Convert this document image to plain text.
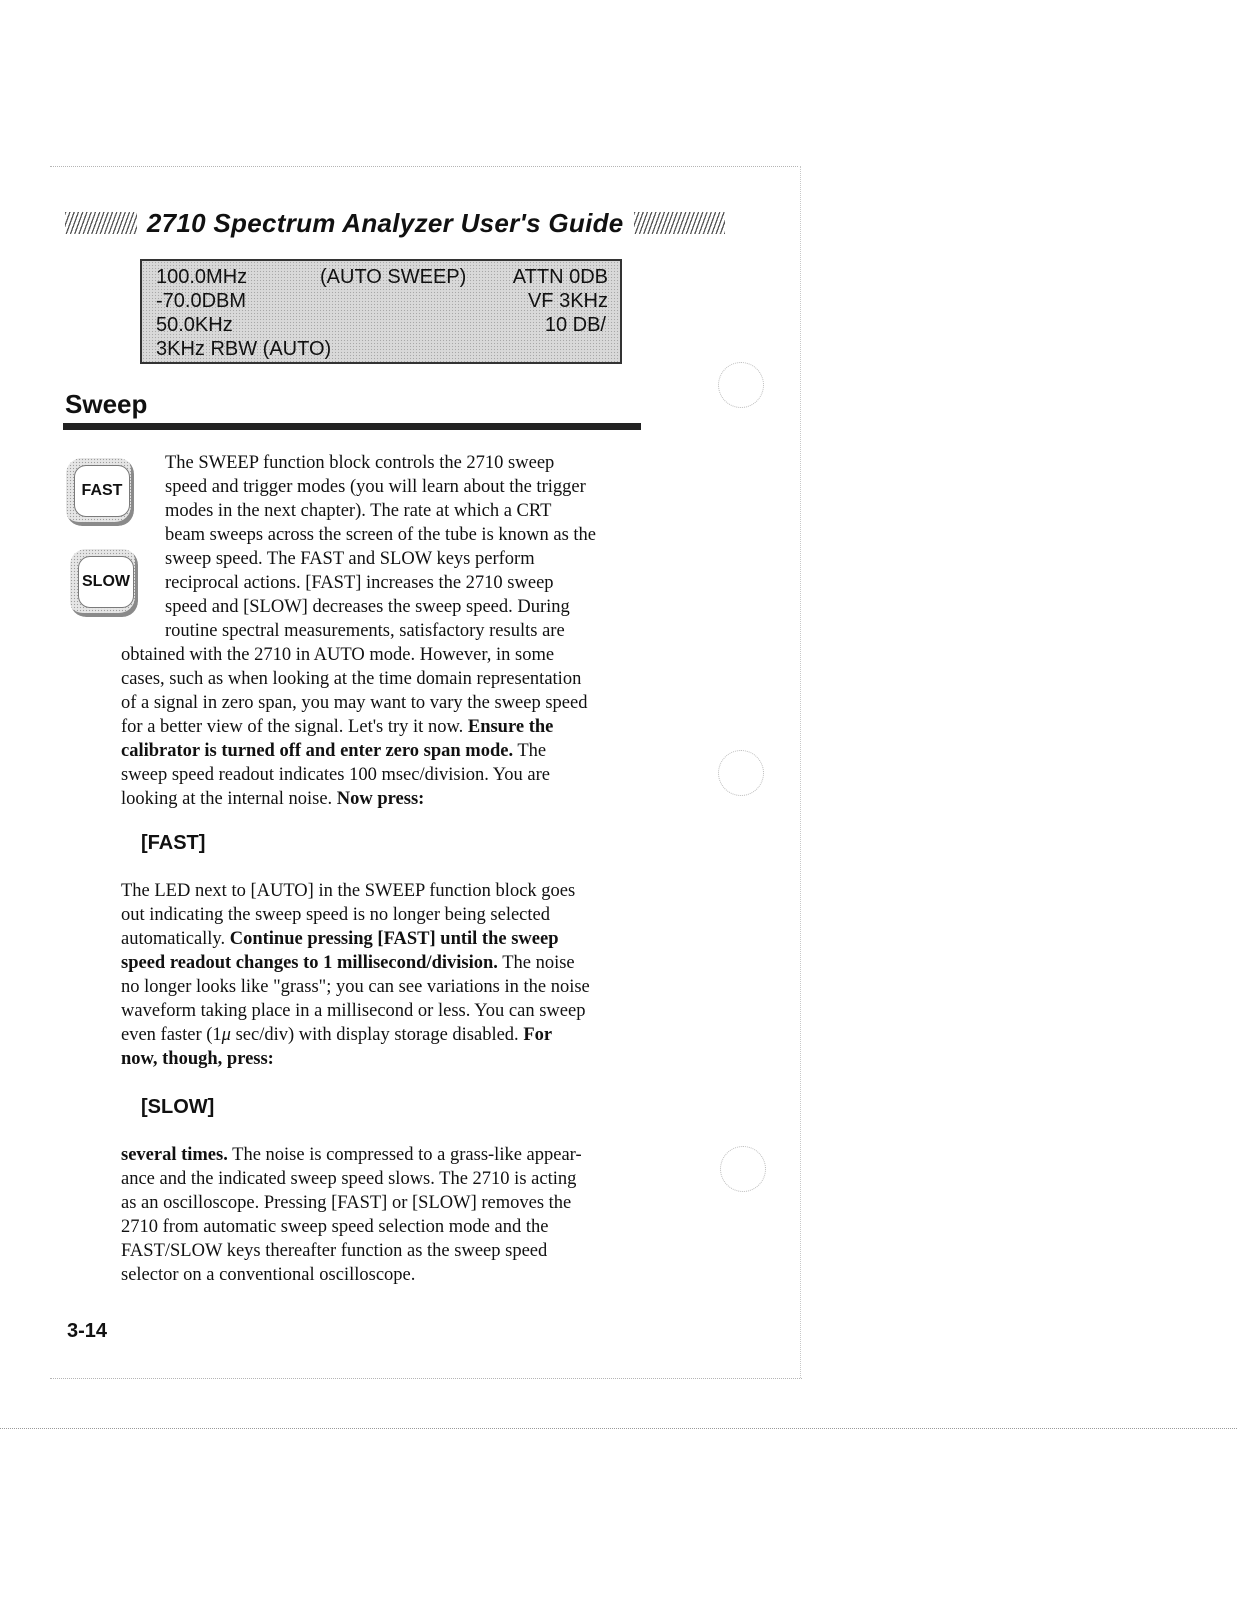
2710 Spectrum Analyzer User's Guide
100.0MHz	(AUTO SWEEP) ATTN 0DB
-70.0DBM	VF 3KHz
50.0KHz	10 DB/
3KHz RBW (AUTO)
Sweep
FAST
SLOW

The SWEEP function block controls the 2710 sweep

speed and trigger modes (you will learn about the trigger

modes in the next chapter). The rate at which a CRT

beam sweeps across the screen of the tube is known as the

sweep speed. The FAST and SLOW keys perform

reciprocal actions. [FAST] increases the 2710 sweep

speed and [SLOW] decreases the sweep speed. During

routine spectral measurements, satisfactory results are

obtained with the 2710 in AUTO mode. However, in some

cases, such as when looking at the time domain representation

of a signal in zero span, you may want to vary the sweep speed

for a better view of the signal. Let's try it now. Ensure the

calibrator is turned off and enter zero span mode. The

sweep speed readout indicates 100 msec/division. You are

looking at the internal noise. Now press:

[FAST]

The LED next to [AUTO] in the SWEEP function block goes

out indicating the sweep speed is no longer being selected

automatically. Continue pressing [FAST] until the sweep

speed readout changes to 1 millisecond/division. The noise

no longer looks like "grass"; you can see variations in the noise

waveform taking place in a millisecond or less. You can sweep

even faster (1μ sec/div) with display storage disabled. For

now, though, press:

[SLOW]

several times. The noise is compressed to a grass-like appear-

ance and the indicated sweep speed slows. The 2710 is acting

as an oscilloscope. Pressing [FAST] or [SLOW] removes the

2710 from automatic sweep speed selection mode and the

FAST/SLOW keys thereafter function as the sweep speed

selector on a conventional oscilloscope.

3-14
